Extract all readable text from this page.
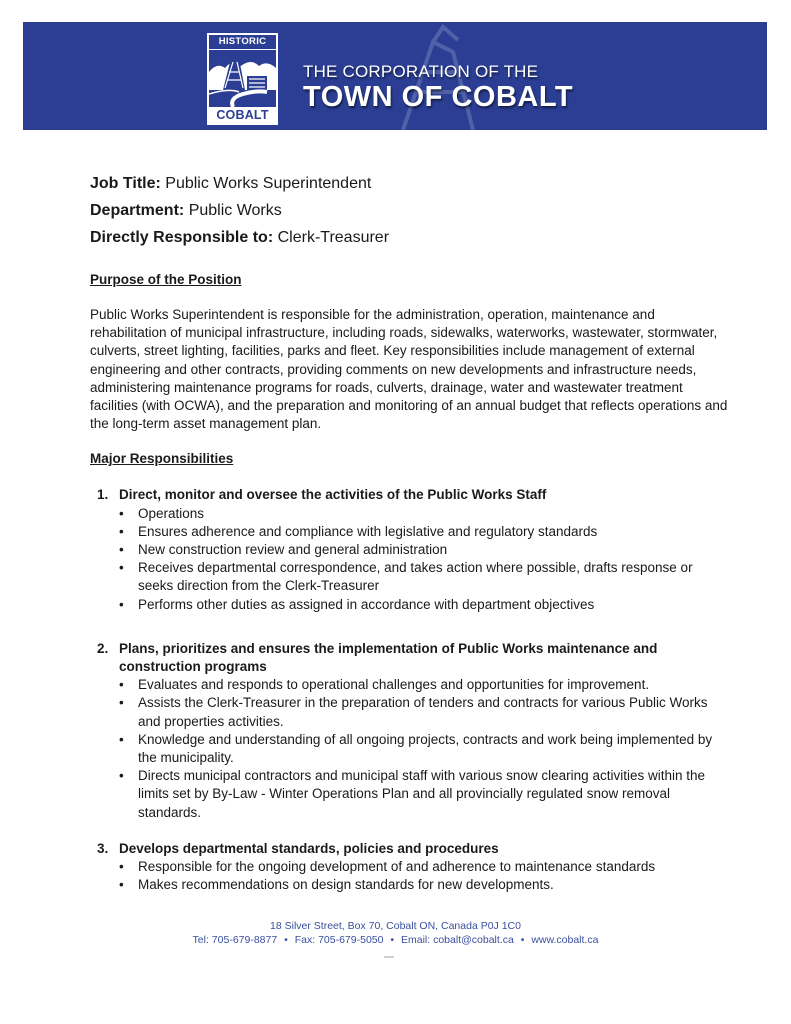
HISTORIC
COBALT
THE CORPORATION OF THE
TOWN OF COBALT
Job Title: Public Works Superintendent
Department: Public Works
Directly Responsible to: Clerk-Treasurer
Purpose of the Position

Public Works Superintendent is responsible for the administration, operation, maintenance and rehabilitation of municipal infrastructure, including roads, sidewalks, waterworks, wastewater, stormwater, culverts, street lighting, facilities, parks and fleet. Key responsibilities include management of external engineering and other contracts, providing comments on new developments and infrastructure needs, administering maintenance programs for roads, culverts, drainage, water and wastewater treatment facilities (with OCWA), and the preparation and monitoring of an annual budget that reflects operations and the long-term asset management plan.

Major Responsibilities
1. Direct, monitor and oversee the activities of the Public Works Staff
• Operations
• Ensures adherence and compliance with legislative and regulatory standards
• New construction review and general administration
• Receives departmental correspondence, and takes action where possible, drafts response or seeks direction from the Clerk-Treasurer
• Performs other duties as assigned in accordance with department objectives
2. Plans, prioritizes and ensures the implementation of Public Works maintenance and construction programs
• Evaluates and responds to operational challenges and opportunities for improvement.
• Assists the Clerk-Treasurer in the preparation of tenders and contracts for various Public Works and properties activities.
• Knowledge and understanding of all ongoing projects, contracts and work being implemented by the municipality.
• Directs municipal contractors and municipal staff with various snow clearing activities within the limits set by By-Law - Winter Operations Plan and all provincially regulated snow removal standards.
3. Develops departmental standards, policies and procedures
• Responsible for the ongoing development of and adherence to maintenance standards
• Makes recommendations on design standards for new developments.
18 Silver Street, Box 70, Cobalt ON, Canada P0J 1C0
Tel: 705-679-8877 • Fax: 705-679-5050 • Email: cobalt@cobalt.ca • www.cobalt.ca
